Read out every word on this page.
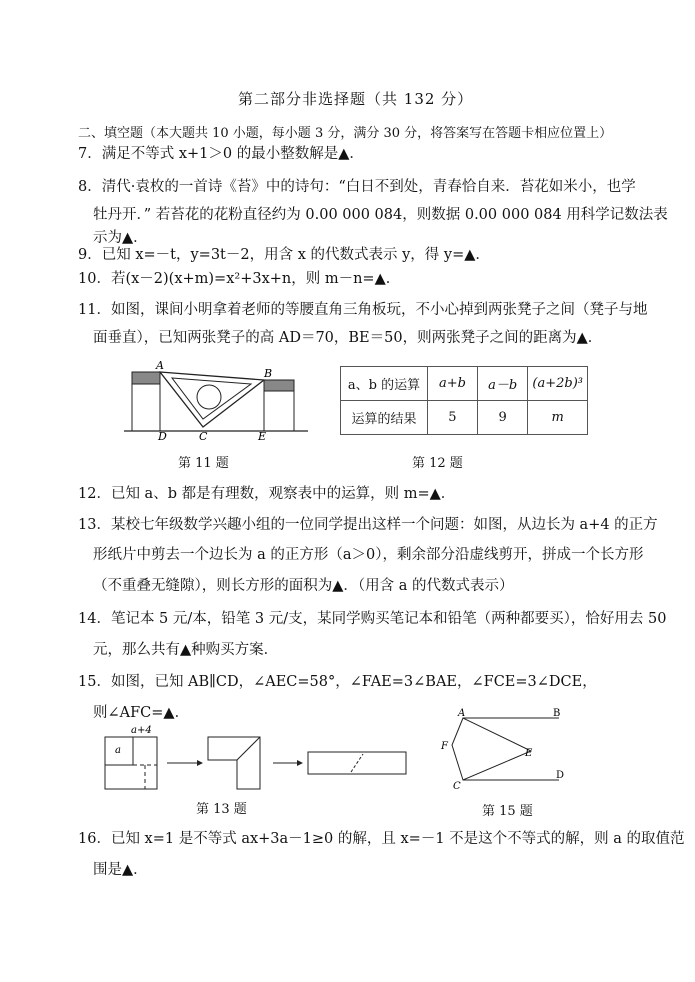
第二部分非选择题（共 132 分）
二、填空题（本大题共 10 小题，每小题 3 分，满分 30 分，将答案写在答题卡相应位置上）
7．满足不等式 x+1＞0 的最小整数解是▲．
8．清代·袁枚的一首诗《苔》中的诗句：“白日不到处，青春恰自来．苔花如米小，也学
牡丹开．” 若苔花的花粉直径约为 0.00 000 084，则数据 0.00 000 084 用科学记数法表
示为▲．
9．已知 x=－t，y=3t－2，用含 x 的代数式表示 y，得 y=▲．
10．若(x－2)(x+m)=x²+3x+n，则 m－n=▲．
11．如图，课间小明拿着老师的等腰直角三角板玩，不小心掉到两张凳子之间（凳子与地
面垂直），已知两张凳子的高 AD＝70，BE＝50，则两张凳子之间的距离为▲．
A
B
C
D	E
第 11 题
a、b 的运算	a+b	a－b	(a+2b)³
运算的结果	5	9	m
第 12 题
12．已知 a、b 都是有理数，观察表中的运算，则 m=▲．
13．某校七年级数学兴趣小组的一位同学提出这样一个问题：如图，从边长为 a+4 的正方
形纸片中剪去一个边长为 a 的正方形（a＞0），剩余部分沿虚线剪开，拼成一个长方形
（不重叠无缝隙），则长方形的面积为▲．（用含 a 的代数式表示）
14．笔记本 5 元/本，铅笔 3 元/支，某同学购买笔记本和铅笔（两种都要买），恰好用去 50
元，那么共有▲种购买方案．
15．如图，已知 AB∥CD，∠AEC=58°，∠FAE=3∠BAE，∠FCE=3∠DCE，
则∠AFC=▲．
a+4
a
第 13 题
A	B
C
D
E
F
第 15 题
16．已知 x=1 是不等式 ax+3a－1≥0 的解，且 x=－1 不是这个不等式的解，则 a 的取值范
围是▲．
